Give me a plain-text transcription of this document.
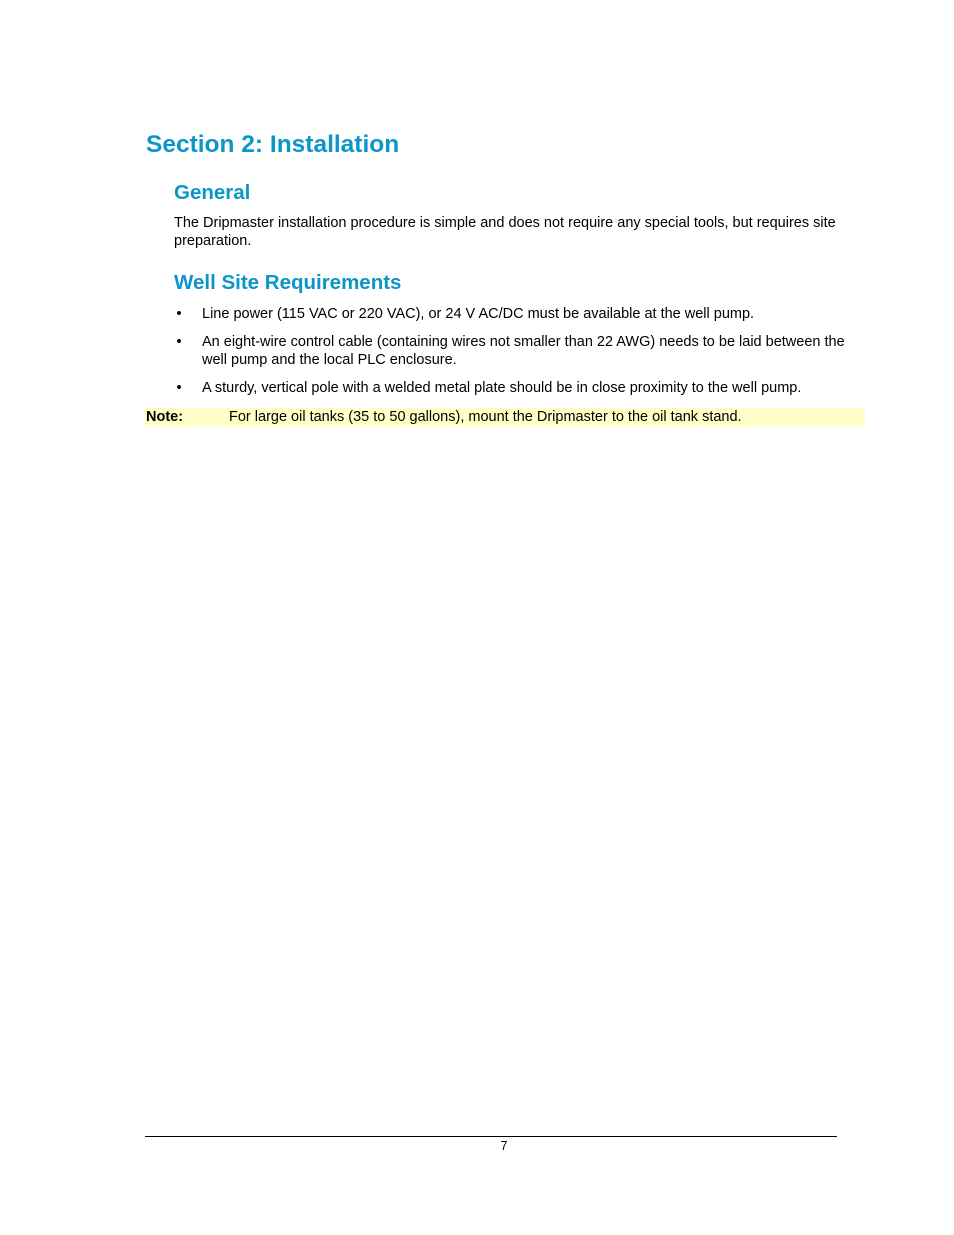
Section 2: Installation
General

The Dripmaster installation procedure is simple and does not require any special tools, but requires site preparation.

Well Site Requirements
• Line power (115 VAC or 220 VAC), or 24 V AC/DC must be available at the well pump.
• An eight-wire control cable (containing wires not smaller than 22 AWG) needs to be laid between the well pump and the local PLC enclosure.
• A sturdy, vertical pole with a welded metal plate should be in close proximity to the well pump.
Note:	For large oil tanks (35 to 50 gallons), mount the Dripmaster to the oil tank stand.
7
